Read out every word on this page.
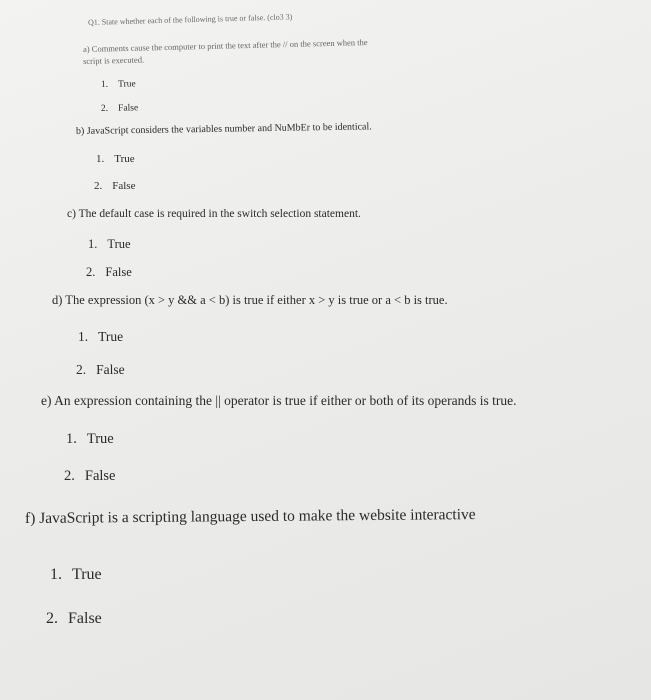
Q1. State whether each of the following is true or false. (clo3 3)
a) Comments cause the computer to print the text after the // on the screen when the
script is executed.
1. True
2. False
b) JavaScript considers the variables number and NuMbEr to be identical.
1. True
2. False
c) The default case is required in the switch selection statement.
1. True
2. False
d) The expression (x > y && a < b) is true if either x > y is true or a < b is true.
1. True
2. False
e) An expression containing the || operator is true if either or both of its operands is true.
1. True
2. False
f) JavaScript is a scripting language used to make the website interactive
1. True
2. False
